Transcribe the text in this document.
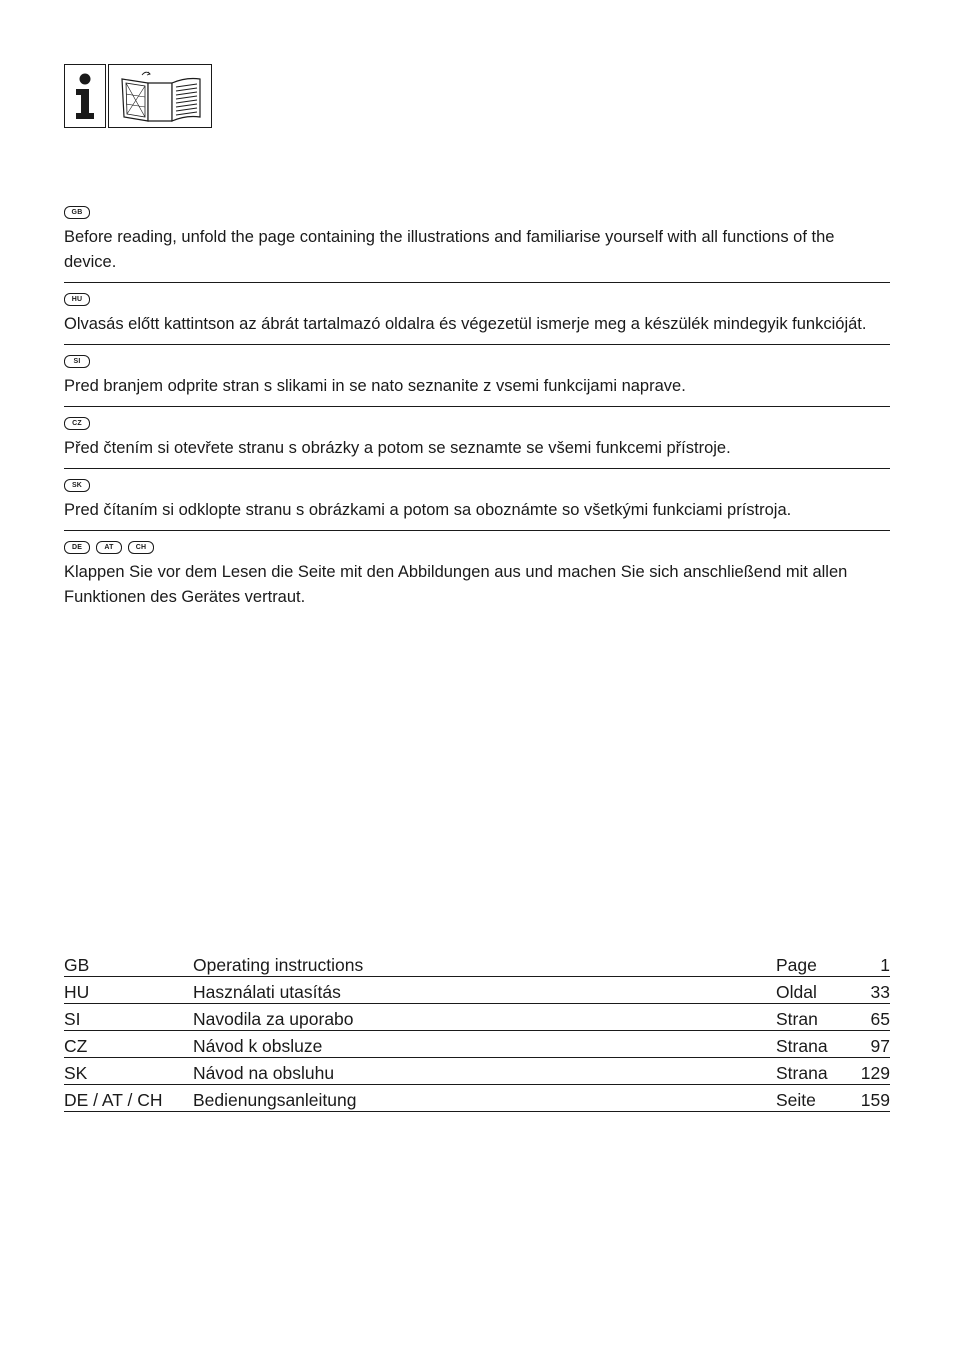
GB

Before reading, unfold the page containing the illustrations and familiarise yourself with all functions of the device.

HU

Olvasás előtt kattintson az ábrát tartalmazó oldalra és végezetül ismerje meg a készülék mindegyik funkcióját.

SI

Pred branjem odprite stran s slikami in se nato seznanite z vsemi funkcijami naprave.

CZ

Před čtením si otevřete stranu s obrázky a potom se seznamte se všemi funkcemi přístroje.

SK

Pred čítaním si odklopte stranu s obrázkami a potom sa oboznámte so všetkými funkciami prístroja.

DE	AT	CH

Klappen Sie vor dem Lesen die Seite mit den Abbildungen aus und machen Sie sich anschließend mit allen Funktionen des Gerätes vertraut.

GB	Operating instructions	Page	1
HU	Használati utasítás	Oldal	33
SI	Navodila za uporabo	Stran	65
CZ	Návod k obsluze	Strana	97
SK	Návod na obsluhu	Strana	129
DE / AT / CH	Bedienungsanleitung	Seite	159
